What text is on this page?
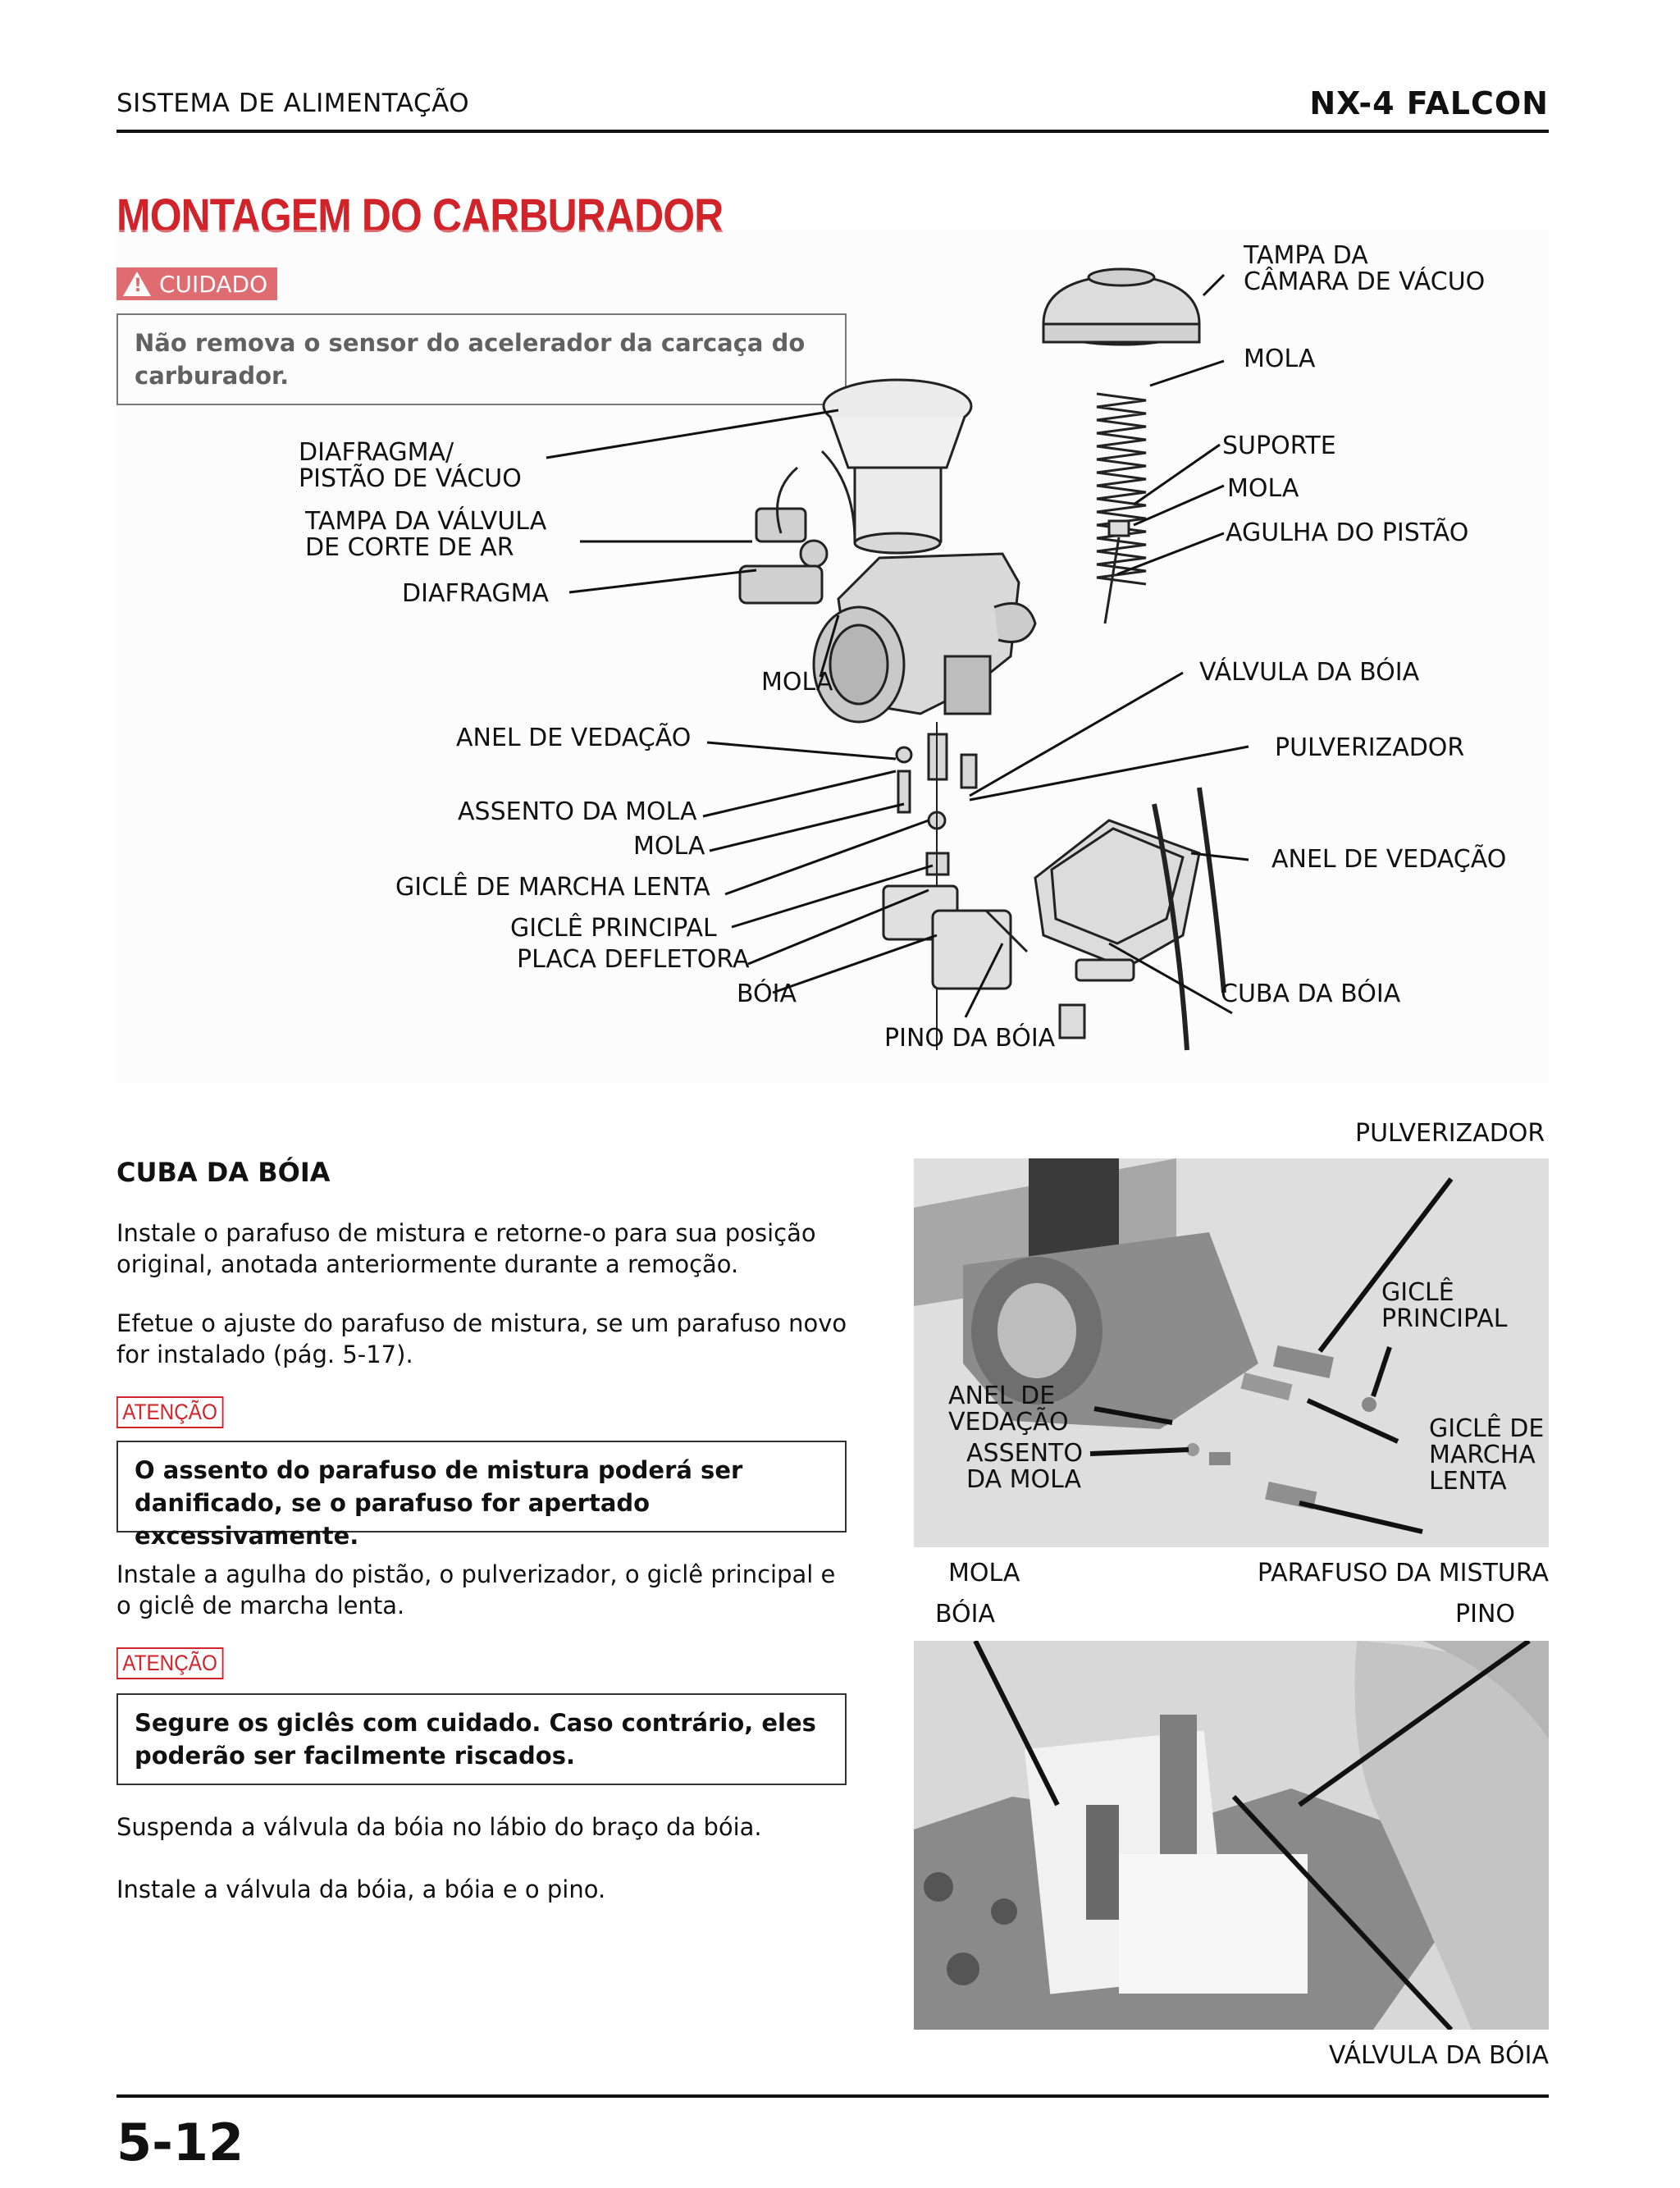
SISTEMA DE ALIMENTAÇÃO	NX-4 FALCON
MONTAGEM DO CARBURADOR
!
CUIDADO
Não remova o sensor do acelerador da carcaça do carburador.
TAMPA DA
CÂMARA DE VÁCUO
MOLA
SUPORTE
MOLA
AGULHA DO PISTÃO
DIAFRAGMA/
PISTÃO DE VÁCUO
TAMPA DA VÁLVULA
DE CORTE DE AR
DIAFRAGMA
MOLA	VÁLVULA DA BÓIA
ANEL DE VEDAÇÃO	PULVERIZADOR
ASSENTO DA MOLA
MOLA	ANEL DE VEDAÇÃO
GICLÊ DE MARCHA LENTA
GICLÊ PRINCIPAL
PLACA DEFLETORA
BÓIA	CUBA DA BÓIA
PINO DA BÓIA
CUBA DA BÓIA
Instale o parafuso de mistura e retorne-o para sua posição original, anotada anteriormente durante a remoção.
Efetue o ajuste do parafuso de mistura, se um parafuso novo for instalado (pág. 5-17).
ATENÇÃO
O assento do parafuso de mistura poderá ser danificado, se o parafuso for apertado excessivamente.
Instale a agulha do pistão, o pulverizador, o giclê principal e o giclê de marcha lenta.
ATENÇÃO
Segure os giclês com cuidado. Caso contrário, eles poderão ser facilmente riscados.
Suspenda a válvula da bóia no lábio do braço da bóia.
Instale a válvula da bóia, a bóia e o pino.
PULVERIZADOR
GICLÊ
PRINCIPAL
ANEL DE
VEDAÇÃO
ASSENTO
DA MOLA
GICLÊ DE
MARCHA
LENTA
MOLA	PARAFUSO DA MISTURA
BÓIA	PINO
VÁLVULA DA BÓIA
5-12
